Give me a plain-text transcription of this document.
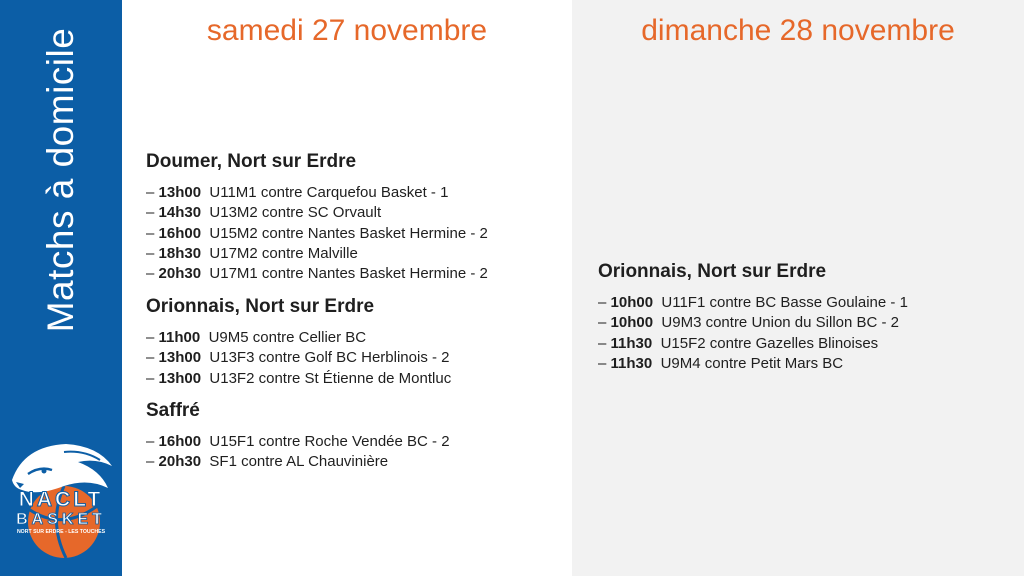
Matchs à domicile
NACLT
BASKET
NORT SUR ERDRE - LES TOUCHES
samedi 27 novembre	dimanche 28 novembre
Doumer, Nort sur Erdre
– 13h00 U11M1 contre Carquefou Basket - 1
– 14h30 U13M2 contre SC Orvault
– 16h00 U15M2 contre Nantes Basket Hermine - 2
– 18h30 U17M2 contre Malville
– 20h30 U17M1 contre Nantes Basket Hermine - 2
Orionnais, Nort sur Erdre
– 11h00 U9M5 contre Cellier BC
– 13h00 U13F3 contre Golf BC Herblinois - 2
– 13h00 U13F2 contre St Étienne de Montluc
Saffré
– 16h00 U15F1 contre Roche Vendée BC - 2
– 20h30 SF1 contre AL Chauvinière
Orionnais, Nort sur Erdre
– 10h00 U11F1 contre BC Basse Goulaine - 1
– 10h00 U9M3 contre Union du Sillon BC - 2
– 11h30 U15F2 contre Gazelles Blinoises
– 11h30 U9M4 contre Petit Mars BC
